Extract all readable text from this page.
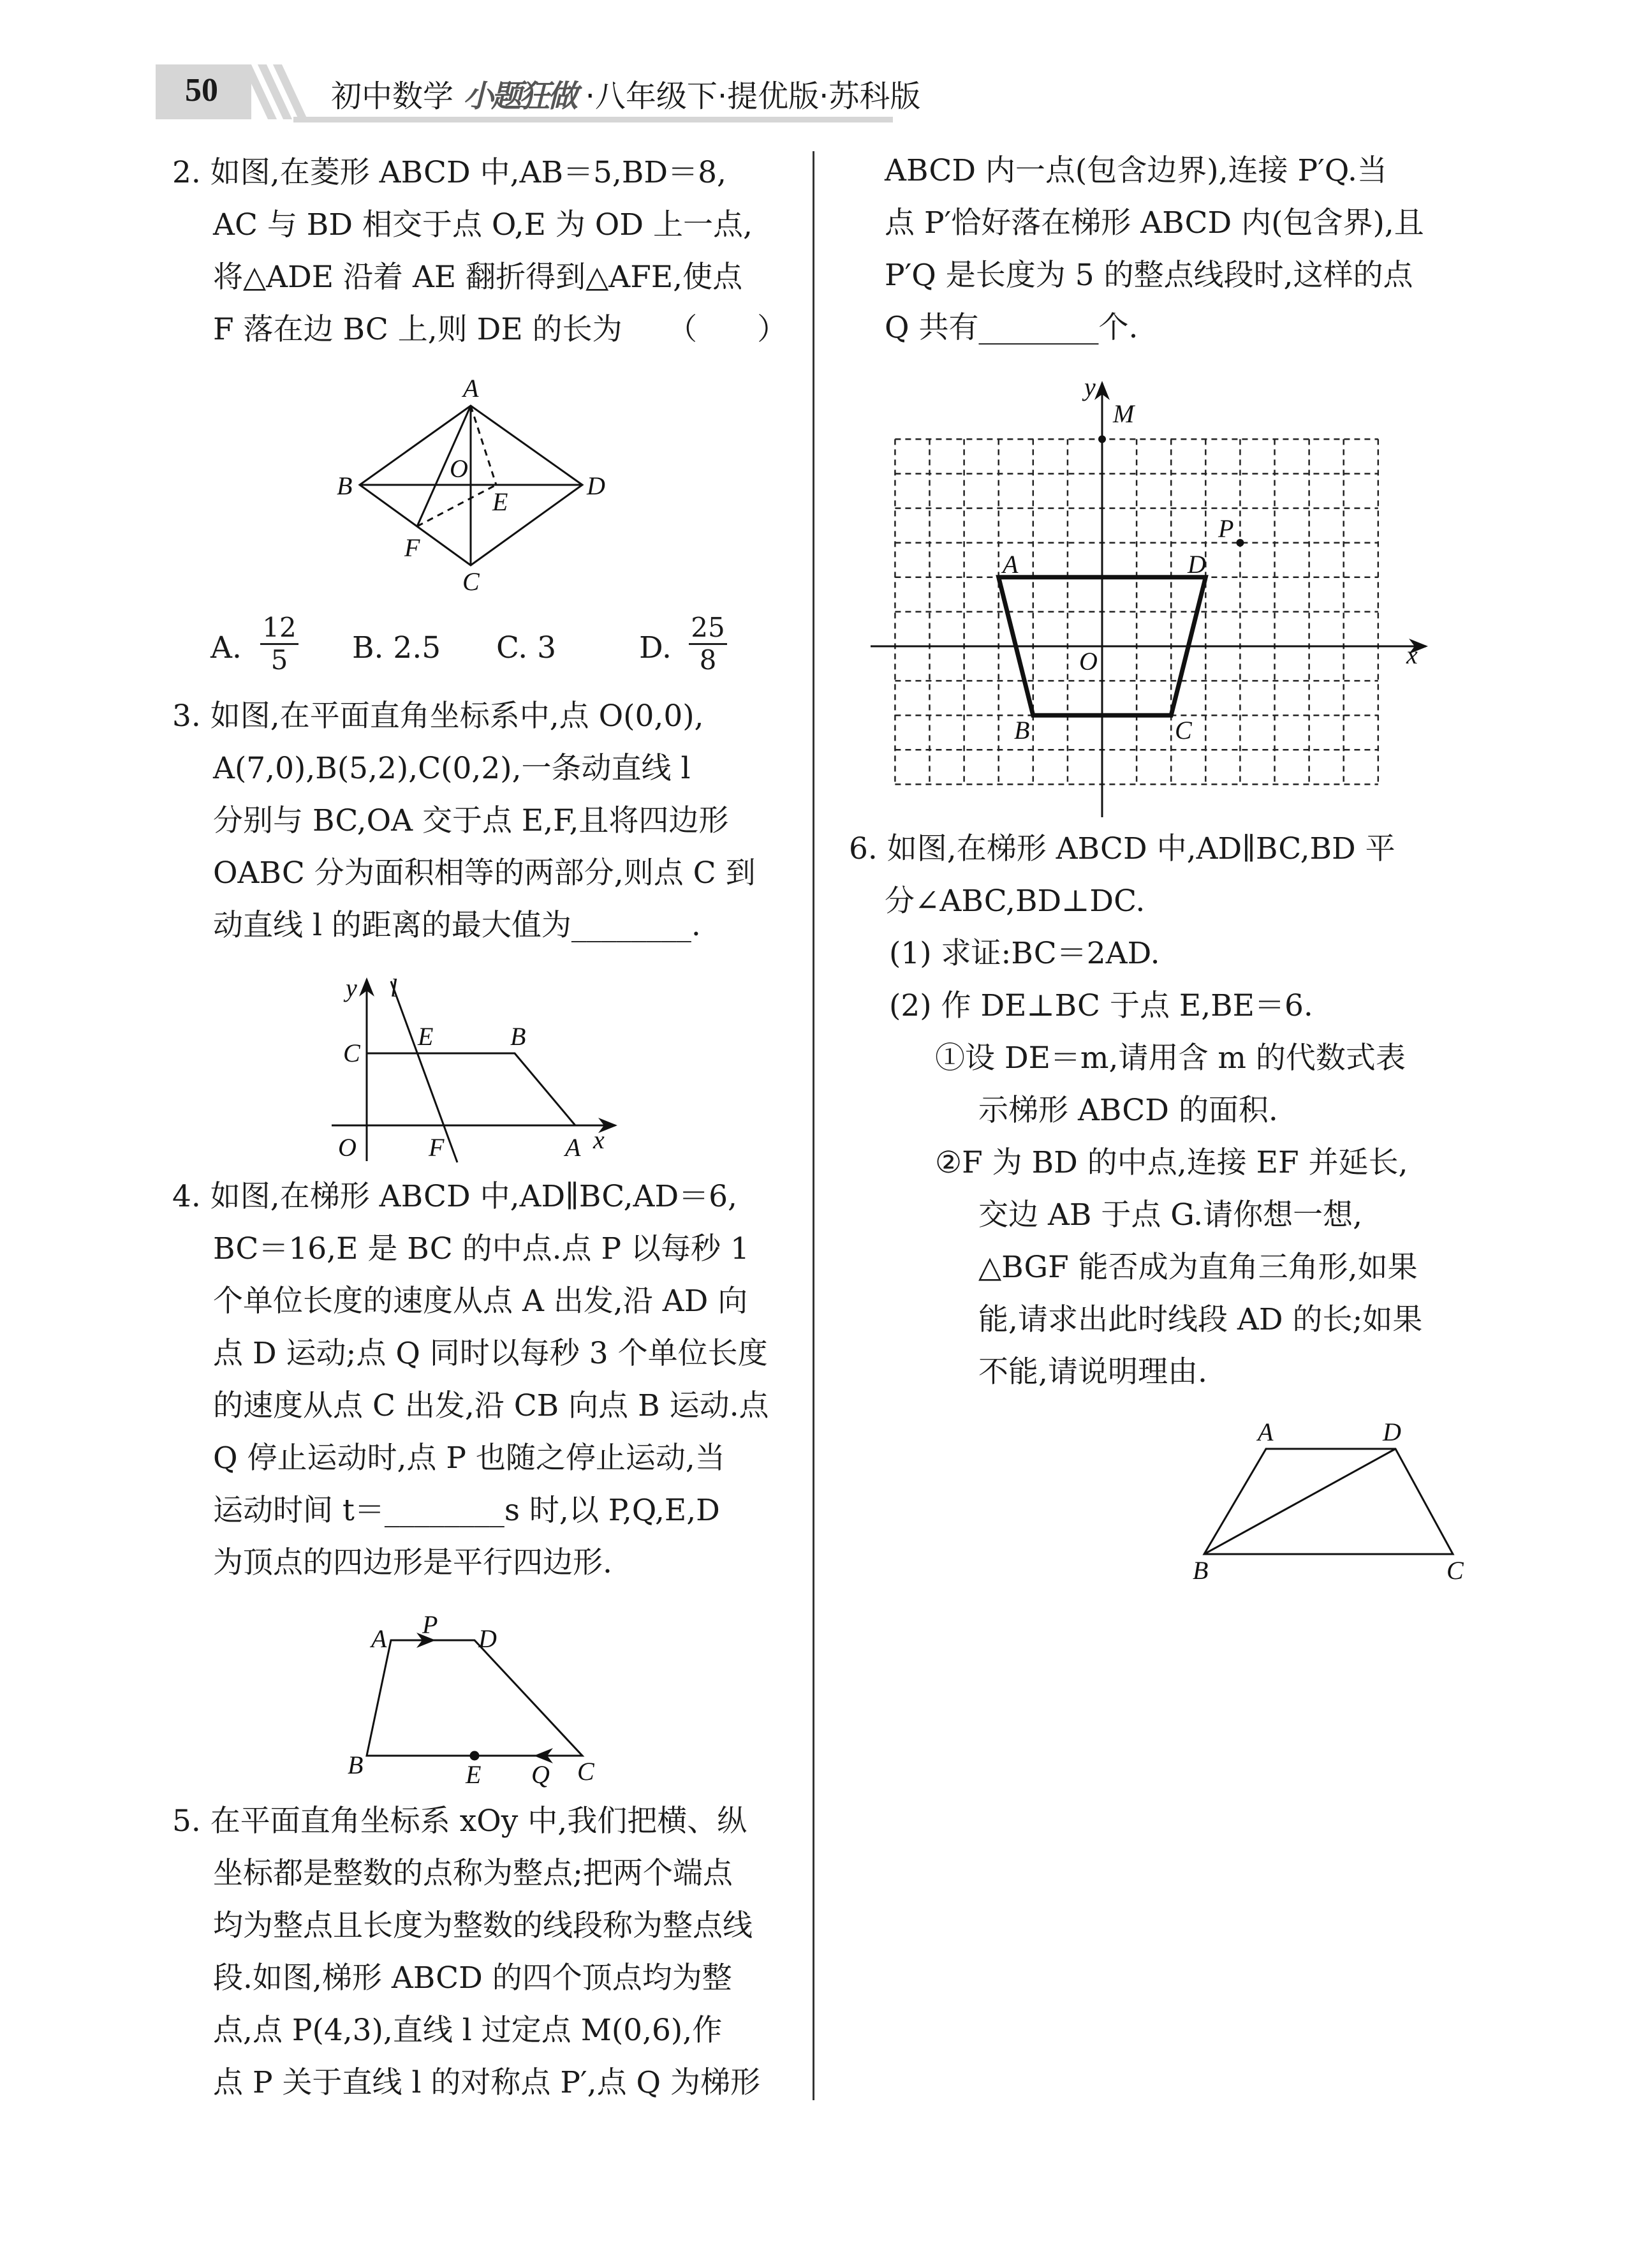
50	初中数学 小题狂做 ·八年级下·提优版·苏科版
2. 如图,在菱形 ABCD 中,AB＝5,BD＝8,
AC 与 BD 相交于点 O,E 为 OD 上一点,
将△ADE 沿着 AE 翻折得到△AFE,使点
F 落在边 BC 上,则 DE 的长为　　（　　）
A. $\frac{12}{5} B$. 2.5 C. 3	D. $\frac{25}{8}$
3. 如图,在平面直角坐标系中,点 O(0,0),
A(7,0),B(5,2),C(0,2),一条动直线 l
分别与 BC,OA 交于点 E,F,且将四边形
OABC 分为面积相等的两部分,则点 C 到
动直线 l 的距离的最大值为________.
4. 如图,在梯形 ABCD 中,AD∥BC,AD＝6,
BC＝16,E 是 BC 的中点.点 P 以每秒 1
个单位长度的速度从点 A 出发,沿 AD 向
点 D 运动;点 Q 同时以每秒 3 个单位长度
的速度从点 C 出发,沿 CB 向点 B 运动.点
Q 停止运动时,点 P 也随之停止运动,当
运动时间 t＝________s 时,以 P,Q,E,D
为顶点的四边形是平行四边形.
5. 在平面直角坐标系 xOy 中,我们把横、纵
坐标都是整数的点称为整点;把两个端点
均为整点且长度为整数的线段称为整点线
段.如图,梯形 ABCD 的四个顶点均为整
点,点 P(4,3),直线 l 过定点 M(0,6),作
点 P 关于直线 l 的对称点 P′,点 Q 为梯形
ABCD 内一点(包含边界),连接 P′Q.当
点 P′恰好落在梯形 ABCD 内(包含界),且
P′Q 是长度为 5 的整点线段时,这样的点
Q 共有________个.
6. 如图,在梯形 ABCD 中,AD∥BC,BD 平
分∠ABC,BD⊥DC.
(1) 求证:BC＝2AD.
(2) 作 DE⊥BC 于点 E,BE＝6.
①设 DE＝m,请用含 m 的代数式表
示梯形 ABCD 的面积.
②F 为 BD 的中点,连接 EF 并延长,
交边 AB 于点 G.请你想一想,
△BGF 能否成为直角三角形,如果
能,请求出此时线段 AD 的长;如果
不能,请说明理由.
A
B
C
D
O
E
F
y l
C
E	B
O	F	A x
A P D
B	E Q C
y
M
P
A	D
O	x
B	C
A	D
B	C
